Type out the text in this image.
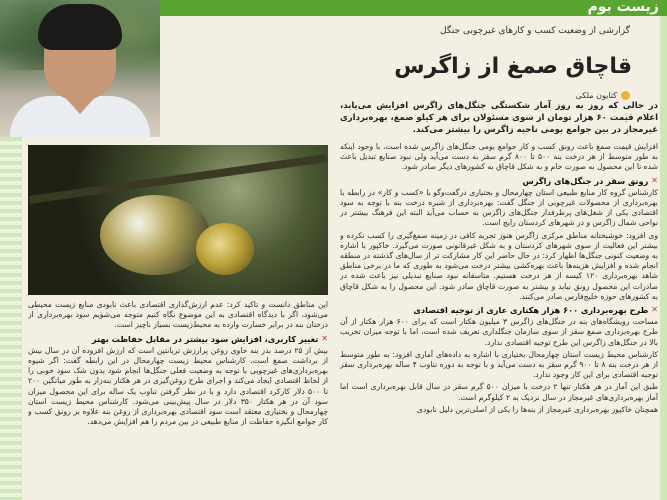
زیست بوم
گزارشی از وضعیت کسب و کارهای غیرچوبی جنگل
قاچاق صمغ از زاگرس
کتایون ملکی
در حالی که روز به روز آمار شکستگی جنگل‌های زاگرس افزایش می‌یابد، اعلام قیمت ۶۰ هزار تومان از سوی مسئولان برای هر کیلو صمغ، بهره‌برداری غیرمجاز در بین جوامع بومی ناحیه زاگرس را بیشتر می‌کند.

افزایش قیمت صمغ باعث رونق کسب و کار جوامع بومی جنگل‌های زاگرس شده است، با وجود اینکه به طور متوسط از هر درخت بنه ۵۰۰ تا ۸۰۰ گرم سقز به دست می‌آید ولی نبود صنایع تبدیل باعث شده تا این محصول به صورت خام و به شکل قاچاق به کشورهای دیگر صادر شود.

✕
رونق سقز در جنگل‌های زاگرس

کارشناس گروه کار منابع طبیعی استان چهارمحال و بختیاری درگفت‌وگو با «کسب و کار» در رابطه با بهره‌برداری از محصولات غیرچوبی از جنگل گفت: بهره‌برداری از شیره درخت بنه با توجه به سود اقتصادی یکی از شغل‌های پرطرفدار جنگل‌های زاگرس به حساب می‌آید البته این فرهنگ بیشتر در نواحی شمال زاگرس و در شهرهای کردستان رایج است.

وی افزود: خوشبختانه مناطق مرکزی زاگرس هنوز تجربه کافی در زمینه صمغ‌گیری را کسب نکرده و بیشتر این فعالیت از سوی شهرهای کردستان و به شکل غیرقانونی صورت می‌گیرد. خاکپور با اشاره به وضعیت کنونی جنگل‌ها اظهار کرد: در حال حاضر این کار مشارکت تر از سال‌های گذشته در منطقه انجام شده و افزایش هزینه‌ها باعث بهره‌کشی بیشتر درخت می‌شود به طوری که ما در برخی مناطق شاهد بهره‌برداری ۱۲۰ کیسه از هر درخت هستیم. متاسفانه نبود صنایع تبدیلی نیز باعث شده در صادرات این محصول رونق نیابد و بیشتر به صورت قاچاق صادر شود. این محصول را به شکل قاچاق به کشورهای حوزه خلیج‌فارس صادر می‌کنند.

✕
طرح بهره‌برداری ۶۰۰ هزار هکتاری عاری از توجیه اقتصادی

مساحت رویشگاه‌های بنه در جنگل‌های زاگرس ۳ میلیون هکتار است که برای ۶۰۰ هزار هکتار از آن طرح بهره‌برداری صمغ سقز از سوی سازمان جنگلداری تعریف شده است، اما با توجه میزان تخریب بالا در جنگل‌های زاگرس این طرح توجیه اقتصادی ندارد.

کارشناس محیط زیست استان چهارمحال بختیاری با اشاره به داده‌های آماری افزود: به طور متوسط از هر درخت بنه ۸ تا ۹۰۰ گرم سقز به دست می‌آید و با توجه به دوره تناوب ۴ ساله بهره‌برداری سقز توجیه اقتصادی برای این کار وجود ندارد.

طبق این آمار در هر هکتار تنها ۲ درخت با میزان ۵۰۰ گرم سقز در سال قابل بهره‌برداری است اما آمار بهره‌برداری‌های غیرمجاز در سال نزدیک به ۲ کیلوگرم است.

همچنان خاکپور بهره‌برداری غیرمجاز از بنه‌ها را یکی از اصلی‌ترین دلیل نابودی

این مناطق دانست و تاکید کرد: عدم ارزش‌گذاری اقتصادی باعث نابودی منابع زیست محیطی می‌شود، اگر با دیدگاه اقتصادی به این موضوع نگاه کنیم متوجه می‌شویم سود بهره‌برداری از درختان بنه در برابر خسارت وارده به محیط‌زیست بسیار ناچیز است.

✕
تغییر کاربری، افزایش سود بیشتر در مقابل حفاظت بهتر

بیش از ۲۵ درصد بذر بنه حاوی روغن پرارزش تربانتین است که ارزش افزوده آن در سال بیش از برداشت صمغ است. کارشناس محیط زیست چهارمحال در این رابطه گفت: اگر شیوه بهره‌برداری‌های غیرچوبی با توجه به وضعیت فعلی جنگل‌ها انجام شود بدون شک سود خوبی را از لحاظ اقتصادی ایجاد می‌کند و اجرای طرح روغن‌گیری در هر هکتار بنه‌زار به طور میانگین ۲۰۰ تا ۵۰۰ دلار کارکرد اقتصادی دارد و با در نظر گرفتن تناوب یک ساله برای این محصول میزان سود آن در هر هکتار ۳۵۰ دلار در سال پیش‌بینی می‌شود. کارشناس محیط زیست استان چهارمحال و بختیاری معتقد است سود اقتصادی بهره‌برداری از روغن بنه علاوه بر رونق کسب و کار جوامع انگیزه حفاظت از منابع طبیعی در بین مردم را هم افزایش می‌دهد.
